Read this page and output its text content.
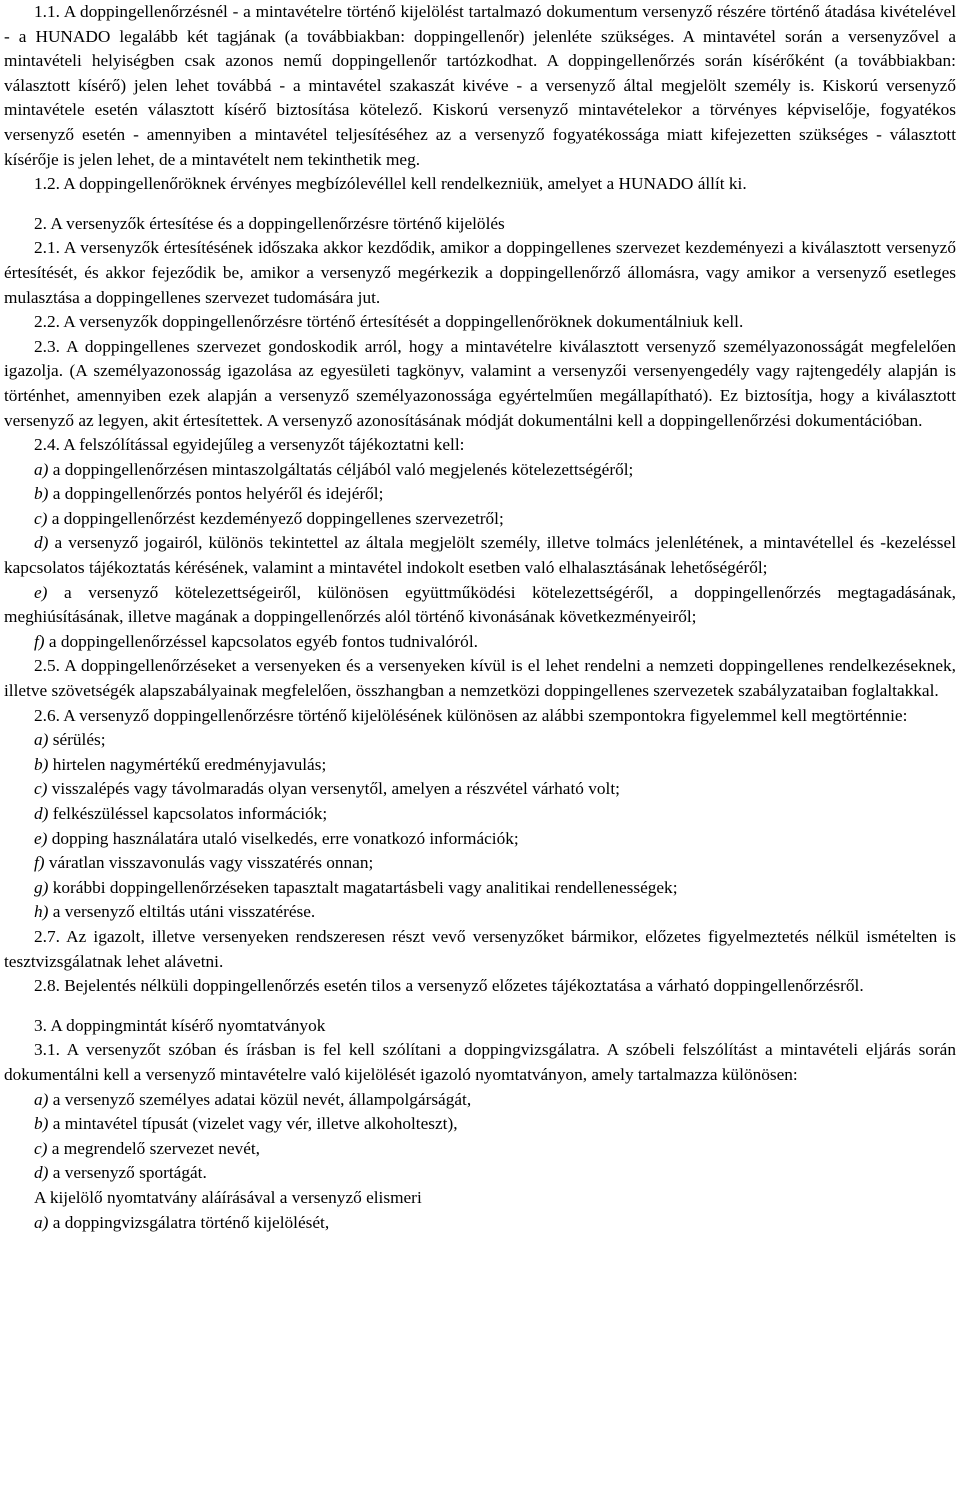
1.1. A doppingellenőrzésnél - a mintavételre történő kijelölést tartalmazó dokumentum versenyző részére történő átadása kivételével - a HUNADO legalább két tagjának (a továbbiakban: doppingellenőr) jelenléte szükséges. A mintavétel során a versenyzővel a mintavételi helyiségben csak azonos nemű doppingellenőr tartózkodhat. A doppingellenőrzés során kísérőként (a továbbiakban: választott kísérő) jelen lehet továbbá - a mintavétel szakaszát kivéve - a versenyző által megjelölt személy is. Kiskorú versenyző mintavétele esetén választott kísérő biztosítása kötelező. Kiskorú versenyző mintavételekor a törvényes képviselője, fogyatékos versenyző esetén - amennyiben a mintavétel teljesítéséhez az a versenyző fogyatékossága miatt kifejezetten szükséges - választott kísérője is jelen lehet, de a mintavételt nem tekinthetik meg.

1.2. A doppingellenőröknek érvényes megbízólevéllel kell rendelkezniük, amelyet a HUNADO állít ki.

2. A versenyzők értesítése és a doppingellenőrzésre történő kijelölés

2.1. A versenyzők értesítésének időszaka akkor kezdődik, amikor a doppingellenes szervezet kezdeményezi a kiválasztott versenyző értesítését, és akkor fejeződik be, amikor a versenyző megérkezik a doppingellenőrző állomásra, vagy amikor a versenyző esetleges mulasztása a doppingellenes szervezet tudomására jut.

2.2. A versenyzők doppingellenőrzésre történő értesítését a doppingellenőröknek dokumentálniuk kell.

2.3. A doppingellenes szervezet gondoskodik arról, hogy a mintavételre kiválasztott versenyző személyazonosságát megfelelően igazolja. (A személyazonosság igazolása az egyesületi tagkönyv, valamint a versenyzői versenyengedély vagy rajtengedély alapján is történhet, amennyiben ezek alapján a versenyző személyazonossága egyértelműen megállapítható). Ez biztosítja, hogy a kiválasztott versenyző az legyen, akit értesítettek. A versenyző azonosításának módját dokumentálni kell a doppingellenőrzési dokumentációban.

2.4. A felszólítással egyidejűleg a versenyzőt tájékoztatni kell:

a) a doppingellenőrzésen mintaszolgáltatás céljából való megjelenés kötelezettségéről;

b) a doppingellenőrzés pontos helyéről és idejéről;

c) a doppingellenőrzést kezdeményező doppingellenes szervezetről;

d) a versenyző jogairól, különös tekintettel az általa megjelölt személy, illetve tolmács jelenlétének, a mintavétellel és -kezeléssel kapcsolatos tájékoztatás kérésének, valamint a mintavétel indokolt esetben való elhalasztásának lehetőségéről;

e) a versenyző kötelezettségeiről, különösen együttműködési kötelezettségéről, a doppingellenőrzés megtagadásának, meghiúsításának, illetve magának a doppingellenőrzés alól történő kivonásának következményeiről;

f) a doppingellenőrzéssel kapcsolatos egyéb fontos tudnivalóról.

2.5. A doppingellenőrzéseket a versenyeken és a versenyeken kívül is el lehet rendelni a nemzeti doppingellenes rendelkezéseknek, illetve szövetségék alapszabályainak megfelelően, összhangban a nemzetközi doppingellenes szervezetek szabályzataiban foglaltakkal.

2.6. A versenyző doppingellenőrzésre történő kijelölésének különösen az alábbi szempontokra figyelemmel kell megtörténnie:

a) sérülés;

b) hirtelen nagymértékű eredményjavulás;

c) visszalépés vagy távolmaradás olyan versenytől, amelyen a részvétel várható volt;

d) felkészüléssel kapcsolatos információk;

e) dopping használatára utaló viselkedés, erre vonatkozó információk;

f) váratlan visszavonulás vagy visszatérés onnan;

g) korábbi doppingellenőrzéseken tapasztalt magatartásbeli vagy analitikai rendellenességek;

h) a versenyző eltiltás utáni visszatérése.

2.7. Az igazolt, illetve versenyeken rendszeresen részt vevő versenyzőket bármikor, előzetes figyelmeztetés nélkül ismételten is tesztvizsgálatnak lehet alávetni.

2.8. Bejelentés nélküli doppingellenőrzés esetén tilos a versenyző előzetes tájékoztatása a várható doppingellenőrzésről.

3. A doppingmintát kísérő nyomtatványok

3.1. A versenyzőt szóban és írásban is fel kell szólítani a doppingvizsgálatra. A szóbeli felszólítást a mintavételi eljárás során dokumentálni kell a versenyző mintavételre való kijelölését igazoló nyomtatványon, amely tartalmazza különösen:

a) a versenyző személyes adatai közül nevét, állampolgárságát,

b) a mintavétel típusát (vizelet vagy vér, illetve alkoholteszt),

c) a megrendelő szervezet nevét,

d) a versenyző sportágát.

A kijelölő nyomtatvány aláírásával a versenyző elismeri

a) a doppingvizsgálatra történő kijelölését,
